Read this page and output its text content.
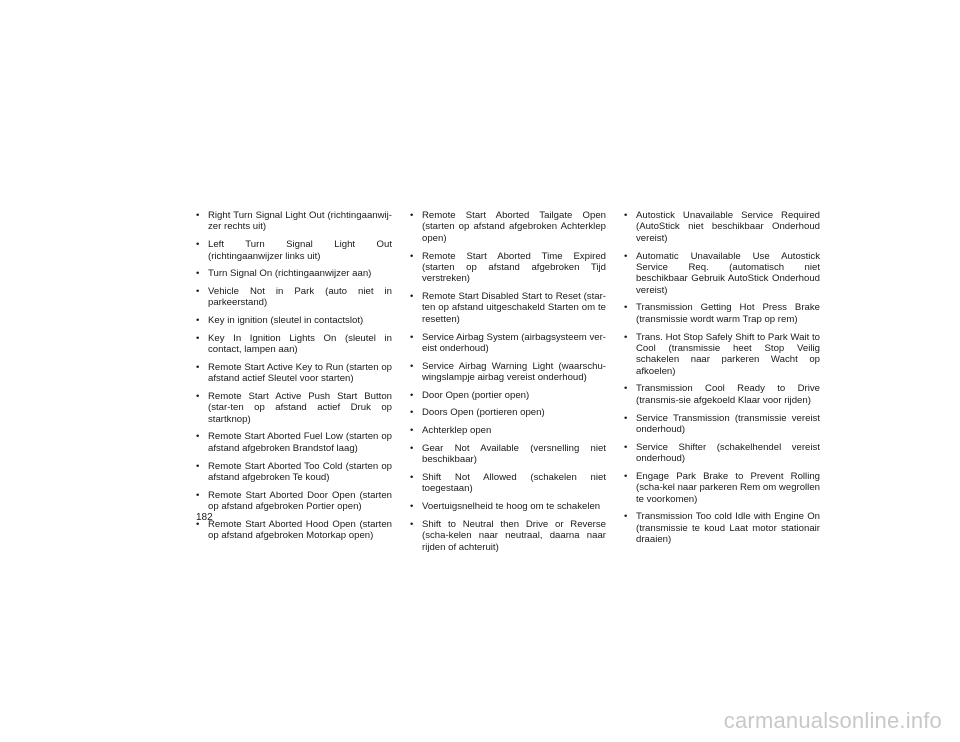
• Right Turn Signal Light Out (richtingaanwij-zer rechts uit)
• Left Turn Signal Light Out (richtingaanwijzer links uit)
• Turn Signal On (richtingaanwijzer aan)
• Vehicle Not in Park (auto niet in parkeerstand)
• Key in ignition (sleutel in contactslot)
• Key In Ignition Lights On (sleutel in contact, lampen aan)
• Remote Start Active Key to Run (starten op afstand actief Sleutel voor starten)
• Remote Start Active Push Start Button (star-ten op afstand actief Druk op startknop)
• Remote Start Aborted Fuel Low (starten op afstand afgebroken Brandstof laag)
• Remote Start Aborted Too Cold (starten op afstand afgebroken Te koud)
• Remote Start Aborted Door Open (starten op afstand afgebroken Portier open)
• Remote Start Aborted Hood Open (starten op afstand afgebroken Motorkap open)
• Remote Start Aborted Tailgate Open (starten op afstand afgebroken Achterklep open)
• Remote Start Aborted Time Expired (starten op afstand afgebroken Tijd verstreken)
• Remote Start Disabled Start to Reset (star-ten op afstand uitgeschakeld Starten om te resetten)
• Service Airbag System (airbagsysteem ver-eist onderhoud)
• Service Airbag Warning Light (waarschu-wingslampje airbag vereist onderhoud)
• Door Open (portier open)
• Doors Open (portieren open)
• Achterklep open
• Gear Not Available (versnelling niet beschikbaar)
• Shift Not Allowed (schakelen niet toegestaan)
• Voertuigsnelheid te hoog om te schakelen
• Shift to Neutral then Drive or Reverse (scha-kelen naar neutraal, daarna naar rijden of achteruit)
• Autostick Unavailable Service Required (AutoStick niet beschikbaar Onderhoud vereist)
• Automatic Unavailable Use Autostick Service Req. (automatisch niet beschikbaar Gebruik AutoStick Onderhoud vereist)
• Transmission Getting Hot Press Brake (transmissie wordt warm Trap op rem)
• Trans. Hot Stop Safely Shift to Park Wait to Cool (transmissie heet Stop Veilig schakelen naar parkeren Wacht op afkoelen)
• Transmission Cool Ready to Drive (transmis-sie afgekoeld Klaar voor rijden)
• Service Transmission (transmissie vereist onderhoud)
• Service Shifter (schakelhendel vereist onderhoud)
• Engage Park Brake to Prevent Rolling (scha-kel naar parkeren Rem om wegrollen te voorkomen)
• Transmission Too cold Idle with Engine On (transmissie te koud Laat motor stationair draaien)
182
carmanualsonline.info
